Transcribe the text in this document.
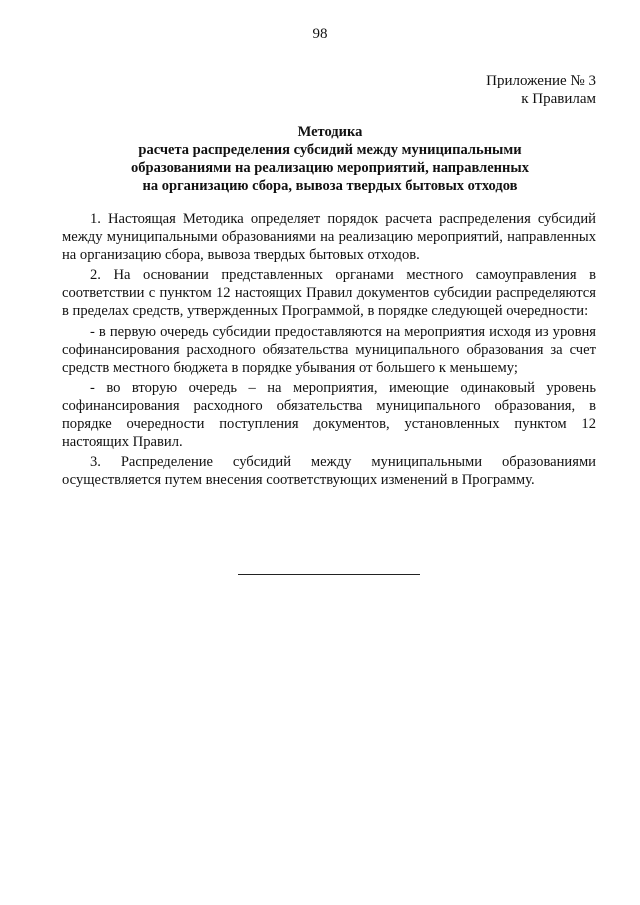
98
Приложение № 3
к Правилам
Методика
расчета распределения субсидий между муниципальными
образованиями на реализацию мероприятий, направленных
на организацию сбора, вывоза твердых бытовых отходов

1. Настоящая Методика определяет порядок расчета распределения субсидий между муниципальными образованиями на реализацию мероприятий, направленных на организацию сбора, вывоза твердых бытовых отходов.

2. На основании представленных органами местного самоуправления в соответствии с пунктом 12 настоящих Правил документов субсидии распределяются в пределах средств, утвержденных Программой, в порядке следующей очередности:

- в первую очередь субсидии предоставляются на мероприятия исходя из уровня софинансирования расходного обязательства муниципального образования за счет средств местного бюджета в порядке убывания от большего к меньшему;

- во вторую очередь – на мероприятия, имеющие одинаковый уровень софинансирования расходного обязательства муниципального образования, в порядке очередности поступления документов, установленных пунктом 12 настоящих Правил.

3. Распределение субсидий между муниципальными образованиями осуществляется путем внесения соответствующих изменений в Программу.
